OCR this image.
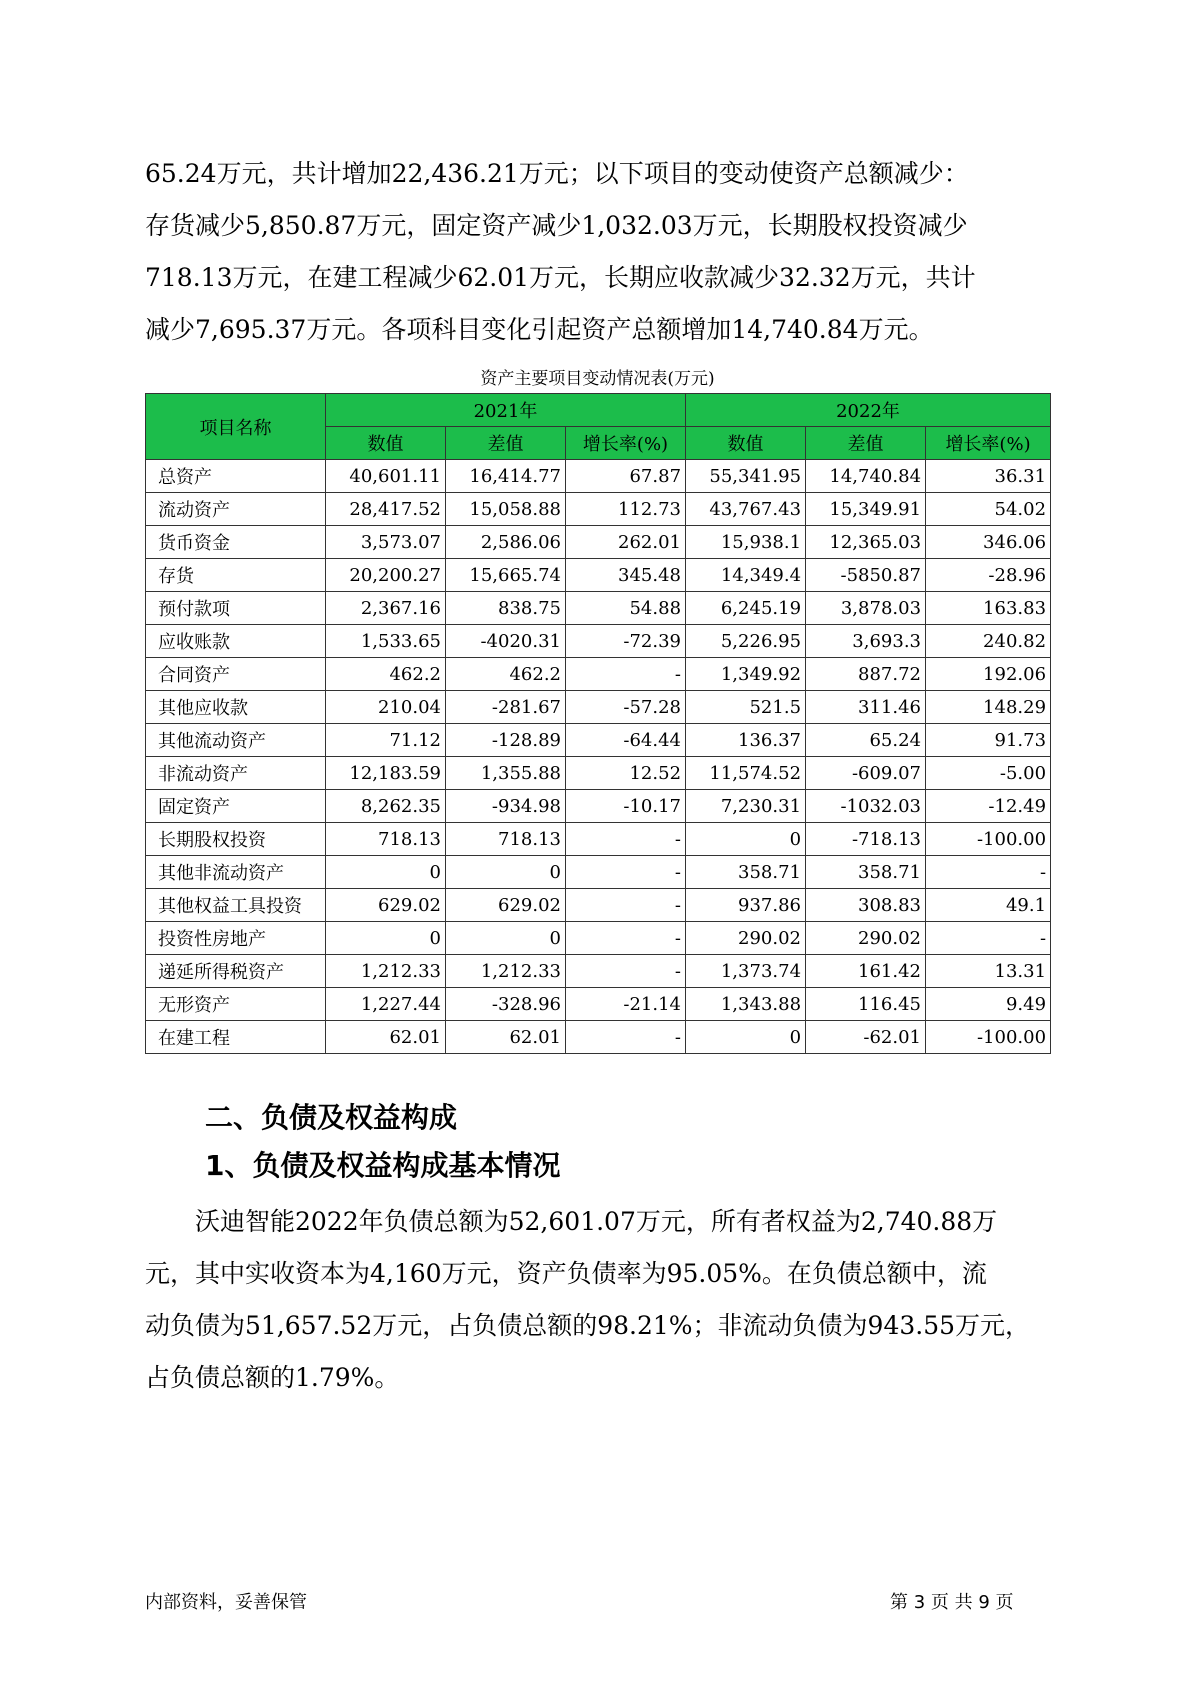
65.24万元，共计增加22,436.21万元；以下项目的变动使资产总额减少：
存货减少5,850.87万元，固定资产减少1,032.03万元，长期股权投资减少
718.13万元，在建工程减少62.01万元，长期应收款减少32.32万元，共计
减少7,695.37万元。各项科目变化引起资产总额增加14,740.84万元。
资产主要项目变动情况表(万元)
项目名称	2021年			2022年		
	数值	差值	增长率(%)	数值	差值	增长率(%)
总资产	40,601.11	16,414.77	67.87	55,341.95	14,740.84	36.31
流动资产	28,417.52	15,058.88	112.73	43,767.43	15,349.91	54.02
货币资金	3,573.07	2,586.06	262.01	15,938.1	12,365.03	346.06
存货	20,200.27	15,665.74	345.48	14,349.4	-5850.87	-28.96
预付款项	2,367.16	838.75	54.88	6,245.19	3,878.03	163.83
应收账款	1,533.65	-4020.31	-72.39	5,226.95	3,693.3	240.82
合同资产	462.2	462.2	-	1,349.92	887.72	192.06
其他应收款	210.04	-281.67	-57.28	521.5	311.46	148.29
其他流动资产	71.12	-128.89	-64.44	136.37	65.24	91.73
非流动资产	12,183.59	1,355.88	12.52	11,574.52	-609.07	-5.00
固定资产	8,262.35	-934.98	-10.17	7,230.31	-1032.03	-12.49
长期股权投资	718.13	718.13	-	0	-718.13	-100.00
其他非流动资产	0	0	-	358.71	358.71	-
其他权益工具投资	629.02	629.02	-	937.86	308.83	49.1
投资性房地产	0	0	-	290.02	290.02	-
递延所得税资产	1,212.33	1,212.33	-	1,373.74	161.42	13.31
无形资产	1,227.44	-328.96	-21.14	1,343.88	116.45	9.49
在建工程	62.01	62.01	-	0	-62.01	-100.00
二、负债及权益构成
1、负债及权益构成基本情况
沃迪智能2022年负债总额为52,601.07万元，所有者权益为2,740.88万
元，其中实收资本为4,160万元，资产负债率为95.05%。在负债总额中，流
动负债为51,657.52万元，占负债总额的98.21%；非流动负债为943.55万元，
占负债总额的1.79%。
内部资料，妥善保管	第 3 页 共 9 页
